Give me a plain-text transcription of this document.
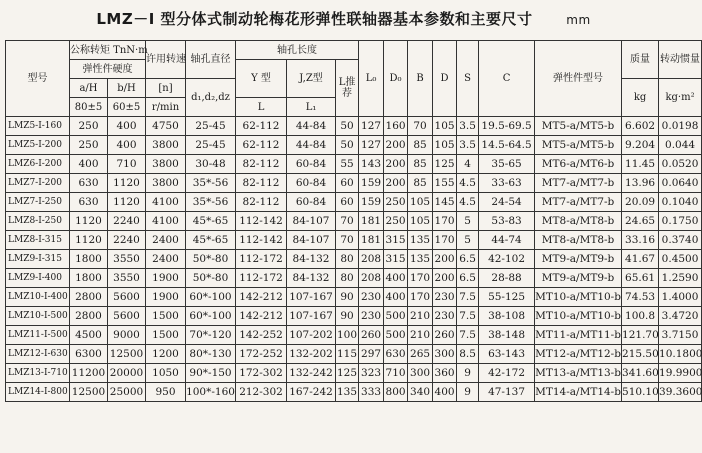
LMZ－Ⅰ 型分体式制动轮梅花形弹性联轴器基本参数和主要尺寸	mm
型号	公称转矩 TnN·m		许用转速	轴孔直径	轴孔长度			L₀	D₀	B	D	S	C	弹性件型号	质量	转动惯量
	弹性件硬度				Y 型	J,Z型	L推荐									
	a/H	b/H	[n]	d₁,d₂,dz											kg	kg·m²
	80±5	60±5	r/min		L	L₁										
LMZ5-Ⅰ-160	250	400	4750	25-45	62-112	44-84	50	127	160	70	105	3.5	19.5-69.5	MT5-a/MT5-b	6.602	0.0198
LMZ5-Ⅰ-200	250	400	3800	25-45	62-112	44-84	50	127	200	85	105	3.5	14.5-64.5	MT5-a/MT5-b	9.204	0.044
LMZ6-Ⅰ-200	400	710	3800	30-48	82-112	60-84	55	143	200	85	125	4	35-65	MT6-a/MT6-b	11.45	0.0520
LMZ7-Ⅰ-200	630	1120	3800	35*-56	82-112	60-84	60	159	200	85	155	4.5	33-63	MT7-a/MT7-b	13.96	0.0640
LMZ7-Ⅰ-250	630	1120	4100	35*-56	82-112	60-84	60	159	250	105	145	4.5	24-54	MT7-a/MT7-b	20.09	0.1040
LMZ8-Ⅰ-250	1120	2240	4100	45*-65	112-142	84-107	70	181	250	105	170	5	53-83	MT8-a/MT8-b	24.65	0.1750
LMZ8-Ⅰ-315	1120	2240	2400	45*-65	112-142	84-107	70	181	315	135	170	5	44-74	MT8-a/MT8-b	33.16	0.3740
LMZ9-Ⅰ-315	1800	3550	2400	50*-80	112-172	84-132	80	208	315	135	200	6.5	42-102	MT9-a/MT9-b	41.67	0.4500
LMZ9-Ⅰ-400	1800	3550	1900	50*-80	112-172	84-132	80	208	400	170	200	6.5	28-88	MT9-a/MT9-b	65.61	1.2590
LMZ10-Ⅰ-400	2800	5600	1900	60*-100	142-212	107-167	90	230	400	170	230	7.5	55-125	MT10-a/MT10-b	74.53	1.4000
LMZ10-Ⅰ-500	2800	5600	1500	60*-100	142-212	107-167	90	230	500	210	230	7.5	38-108	MT10-a/MT10-b	100.8	3.4720
LMZ11-Ⅰ-500	4500	9000	1500	70*-120	142-252	107-202	100	260	500	210	260	7.5	38-148	MT11-a/MT11-b	121.70	3.7150
LMZ12-Ⅰ-630	6300	12500	1200	80*-130	172-252	132-202	115	297	630	265	300	8.5	63-143	MT12-a/MT12-b	215.50	10.1800
LMZ13-Ⅰ-710	11200	20000	1050	90*-150	172-302	132-242	125	323	710	300	360	9	42-172	MT13-a/MT13-b	341.60	19.9900
LMZ14-Ⅰ-800	12500	25000	950	100*-160	212-302	167-242	135	333	800	340	400	9	47-137	MT14-a/MT14-b	510.10	39.3600
